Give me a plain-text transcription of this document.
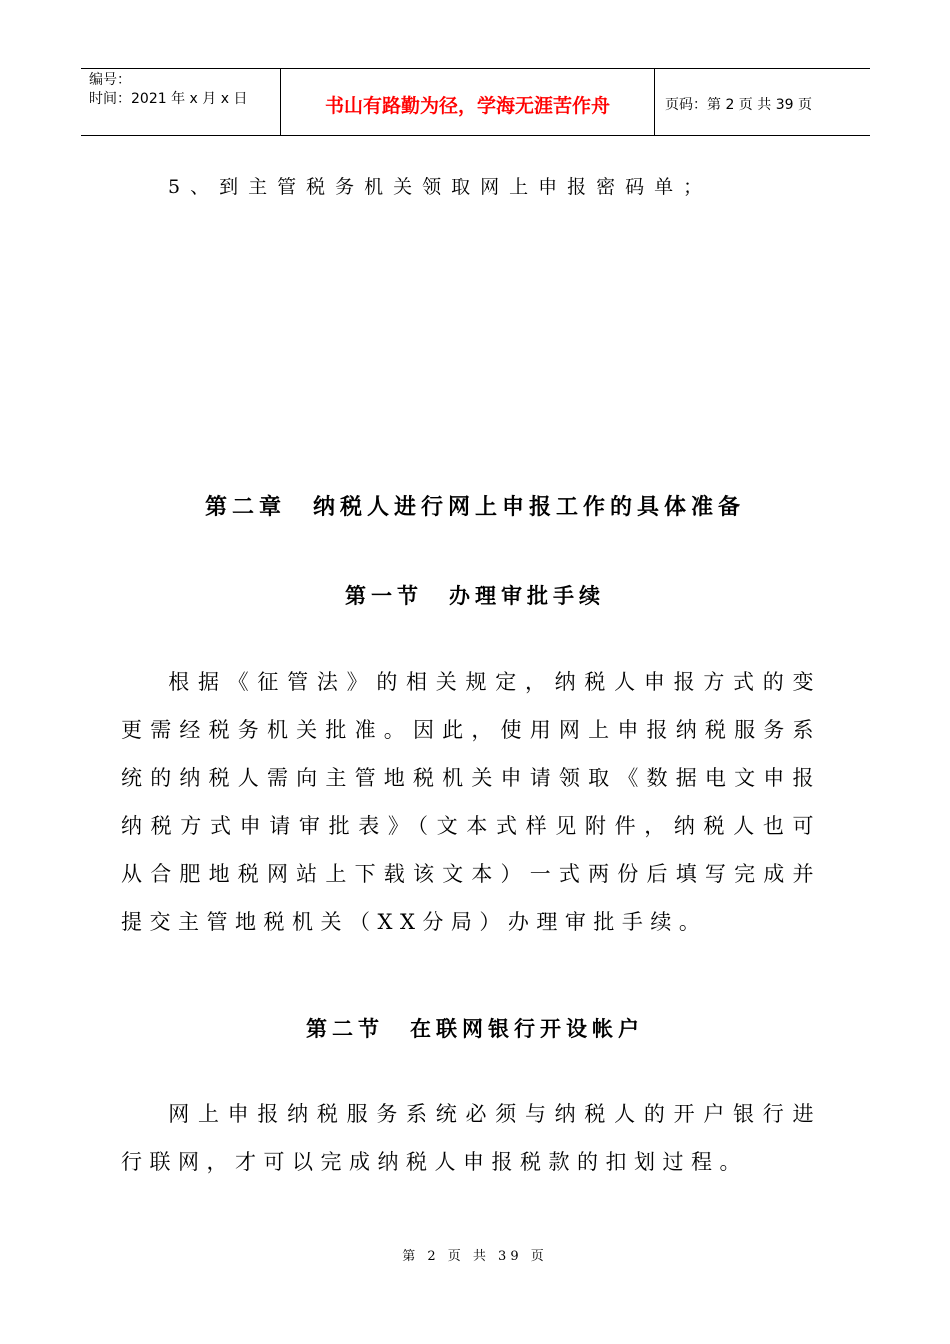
编号：
时间：2021 年 x 月 x 日	书山有路勤为径，学海无涯苦作舟	页码：第 2 页 共 39 页
5、到主管税务机关领取网上申报密码单；
第二章　纳税人进行网上申报工作的具体准备
第一节　办理审批手续
根据《征管法》的相关规定，纳税人申报方式的变更需经税务机关批准。因此，使用网上申报纳税服务系统的纳税人需向主管地税机关申请领取《数据电文申报纳税方式申请审批表》（文本式样见附件，纳税人也可从合肥地税网站上下载该文本）一式两份后填写完成并提交主管地税机关（XX分局）办理审批手续。
第二节　在联网银行开设帐户
网上申报纳税服务系统必须与纳税人的开户银行进行联网，才可以完成纳税人申报税款的扣划过程。
第 2 页 共 39 页
